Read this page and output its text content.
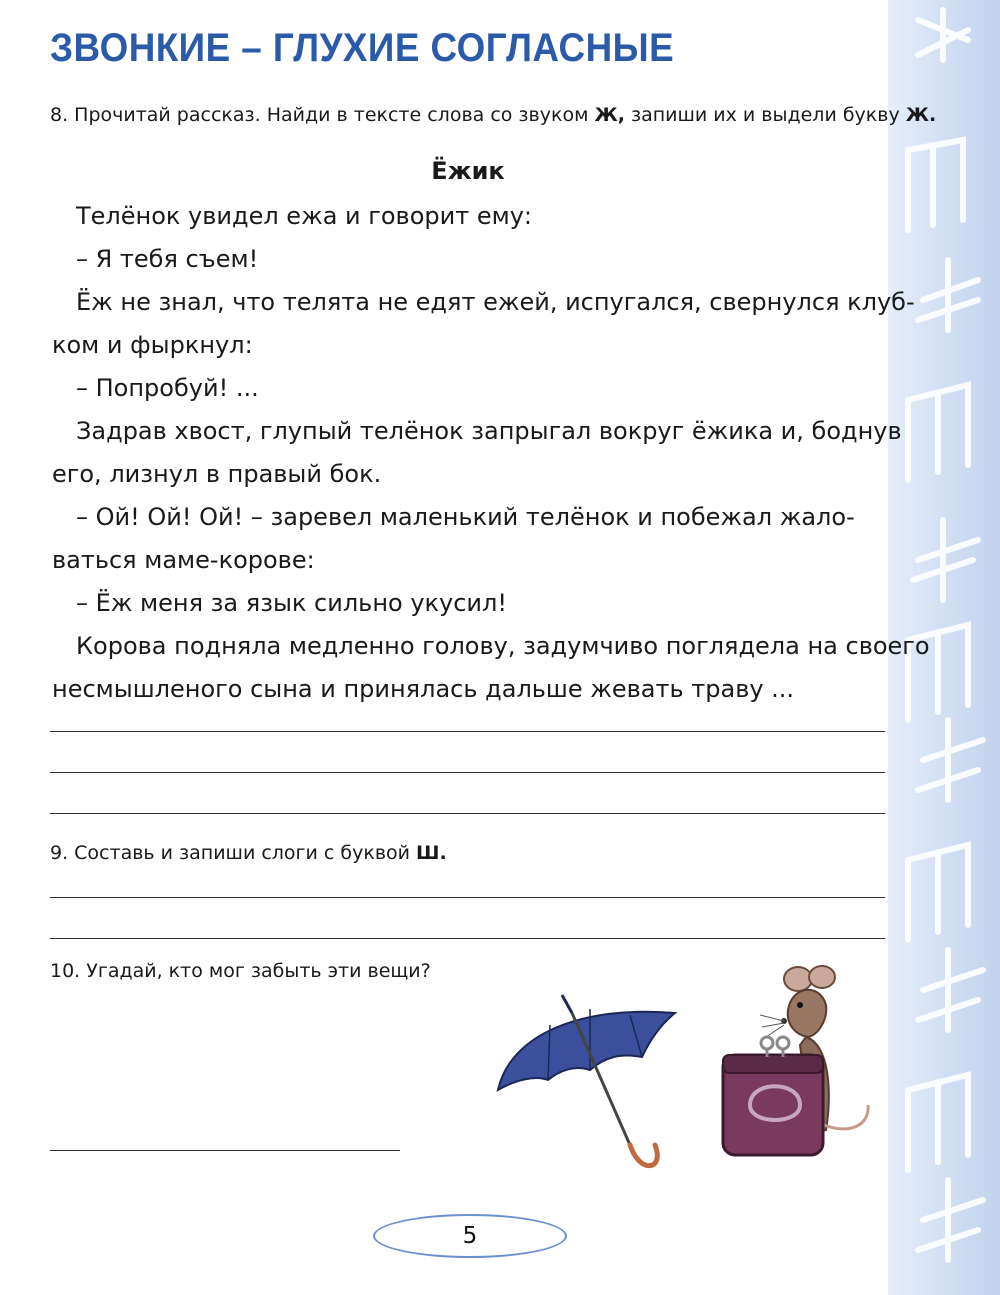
ЗВОНКИЕ – ГЛУХИЕ СОГЛАСНЫЕ

8. Прочитай рассказ. Найди в тексте слова со звуком Ж, запиши их и выдели букву Ж.

Ёжик

Телёнок увидел ежа и говорит ему:

– Я тебя съем!

Ёж не знал, что телята не едят ежей, испугался, свернулся клуб-

ком и фыркнул:

– Попробуй! ...

Задрав хвост, глупый телёнок запрыгал вокруг ёжика и, боднув

его, лизнул в правый бок.

– Ой! Ой! Ой! – заревел маленький телёнок и побежал жало-

ваться маме-корове:

– Ёж меня за язык сильно укусил!

Корова подняла медленно голову, задумчиво поглядела на своего

несмышленого сына и принялась дальше жевать траву ...

9. Составь и запиши слоги с буквой Ш.

10. Угадай, кто мог забыть эти вещи?

5
